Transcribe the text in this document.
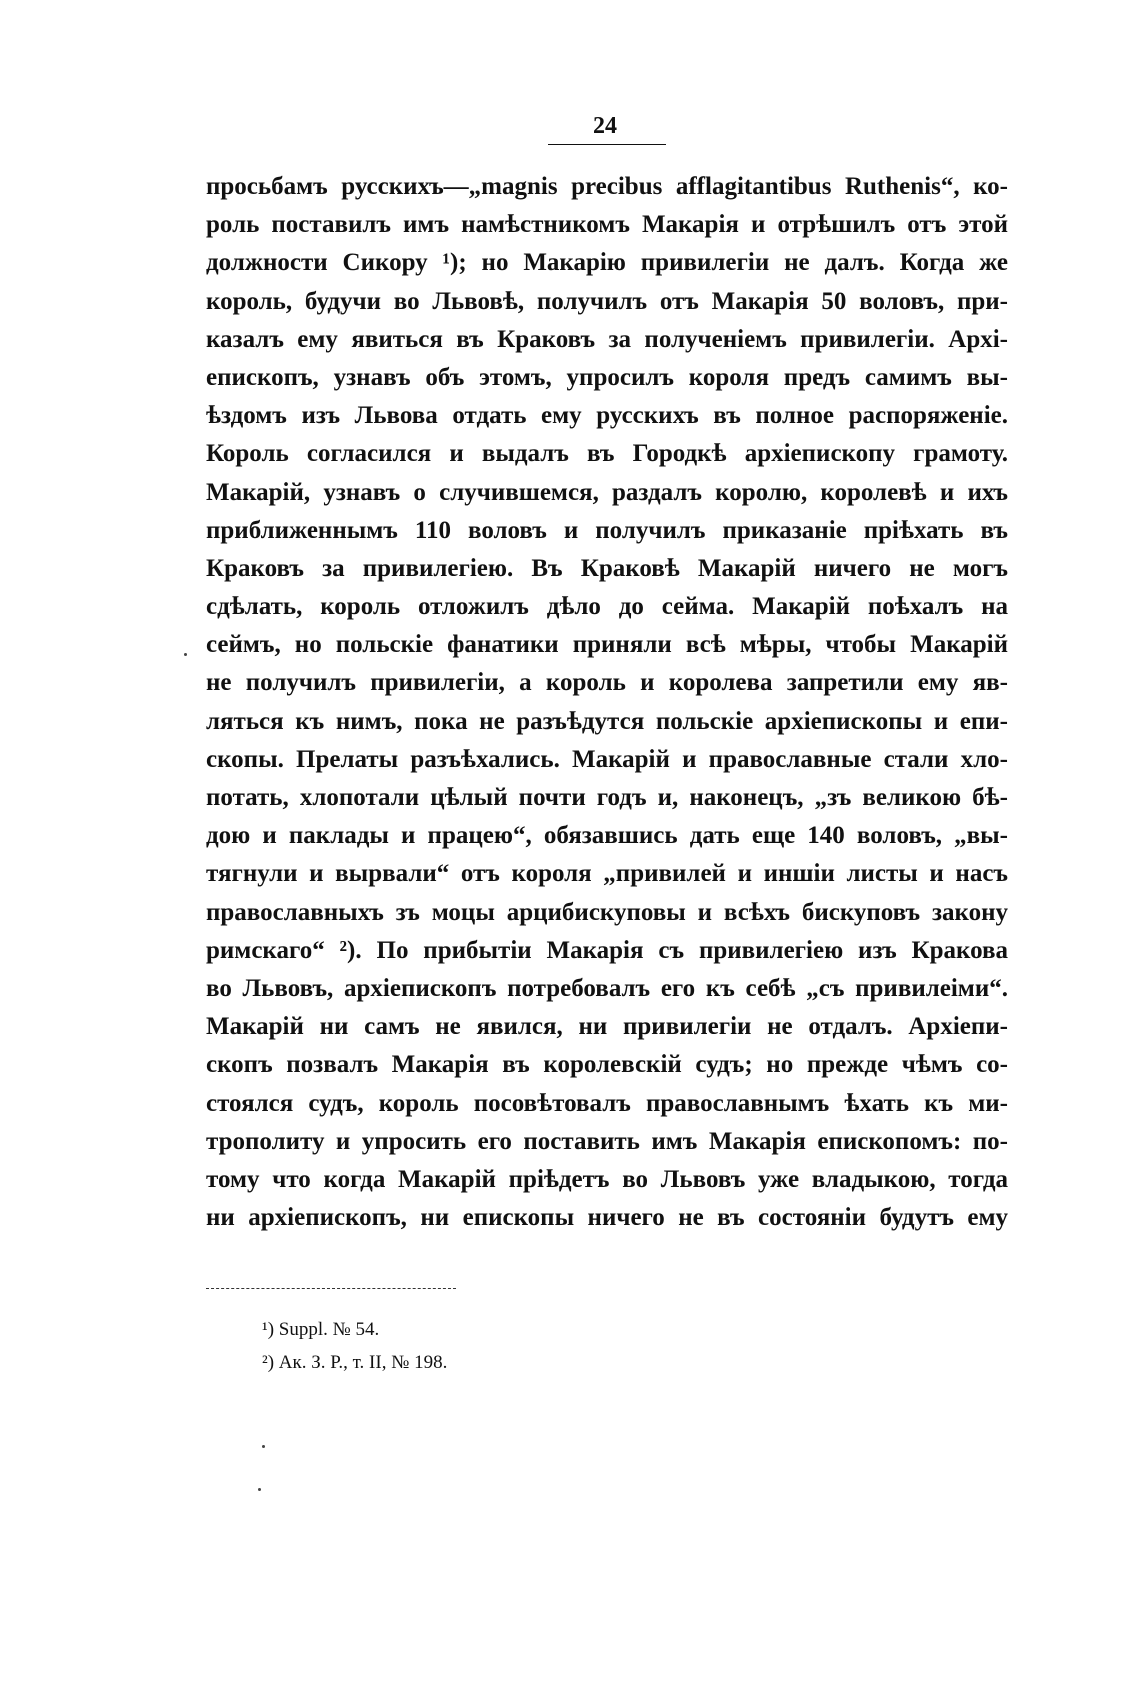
24
просьбамъ русскихъ—„magnis precibus afflagitantibus Ruthenis“, ко-
роль поставилъ имъ намѣстникомъ Макарія и отрѣшилъ отъ этой
должности Сикору ¹); но Макарію привилегіи не далъ. Когда же
король, будучи во Львовѣ, получилъ отъ Макарія 50 воловъ, при-
казалъ ему явиться въ Краковъ за полученіемъ привилегіи. Архі-
епископъ, узнавъ объ этомъ, упросилъ короля предъ самимъ вы-
ѣздомъ изъ Львова отдать ему русскихъ въ полное распоряженіе.
Король согласился и выдалъ въ Городкѣ архіепископу грамоту.
Макарій, узнавъ о случившемся, раздалъ королю, королевѣ и ихъ
приближеннымъ 110 воловъ и получилъ приказаніе пріѣхать въ
Краковъ за привилегіею. Въ Краковѣ Макарій ничего не могъ
сдѣлать, король отложилъ дѣло до сейма. Макарій поѣхалъ на
сеймъ, но польскіе фанатики приняли всѣ мѣры, чтобы Макарій
не получилъ привилегіи, а король и королева запретили ему яв-
ляться къ нимъ, пока не разъѣдутся польскіе архіепископы и епи-
скопы. Прелаты разъѣхались. Макарій и православные стали хло-
потать, хлопотали цѣлый почти годъ и, наконецъ, „зъ великою бѣ-
дою и паклады и працею“, обязавшись дать еще 140 воловъ, „вы-
тягнули и вырвали“ отъ короля „привилей и иншіи листы и насъ
православныхъ зъ моцы арцибискуповы и всѣхъ бискуповъ закону
римскаго“ ²). По прибытіи Макарія съ привилегіею изъ Кракова
во Львовъ, архіепископъ потребовалъ его къ себѣ „съ привилеіми“.
Макарій ни самъ не явился, ни привилегіи не отдалъ. Архіепи-
скопъ позвалъ Макарія въ королевскій судъ; но прежде чѣмъ со-
стоялся судъ, король посовѣтовалъ православнымъ ѣхать къ ми-
трополиту и упросить его поставить имъ Макарія епископомъ: по-
тому что когда Макарій пріѣдетъ во Львовъ уже владыкою, тогда
ни архіепископъ, ни епископы ничего не въ состояніи будутъ ему
¹) Suppl. № 54.
²) Ак. З. Р., т. II, № 198.
